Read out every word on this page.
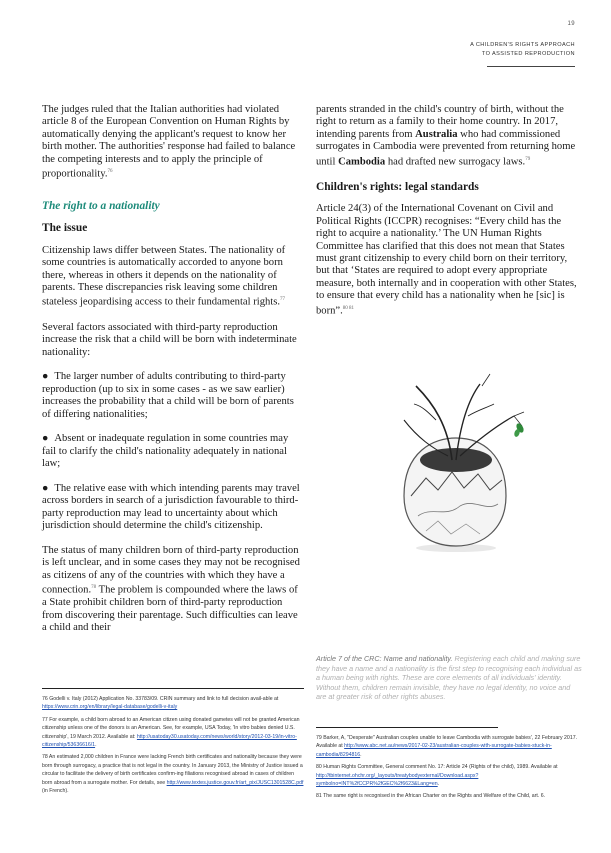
19
A CHILDREN'S RIGHTS APPROACH
TO ASSISTED REPRODUCTION

The judges ruled that the Italian authorities had violated article 8 of the European Convention on Human Rights by automatically denying the applicant's request to know her birth mother. The authorities' response had failed to balance the competing interests and to apply the principle of proportionality.$^{76}$

The right to a nationality
The issue

Citizenship laws differ between States. The nationality of some countries is automatically accorded to anyone born there, whereas in others it depends on the nationality of parents. These discrepancies risk leaving some children stateless jeopardising access to their fundamental rights.$^{77}$

Several factors associated with third-party reproduction increase the risk that a child will be born with indeterminate nationality:

● The larger number of adults contributing to third-party reproduction (up to six in some cases - as we saw earlier) increases the probability that a child will be born of parents of differing nationalities;

● Absent or inadequate regulation in some countries may fail to clarify the child's nationality adequately in national law;

● The relative ease with which intending parents may travel across borders in search of a jurisdiction favourable to third-party reproduction may lead to uncertainty about which jurisdiction should determine the child's citizenship.

The status of many children born of third-party reproduction is left unclear, and in some cases they may not be recognised as citizens of any of the countries with which they have a connection.$^{78}$ The problem is compounded where the laws of a State prohibit children born of third-party reproduction from discovering their parentage. Such difficulties can leave a child and their

parents stranded in the child's country of birth, without the right to return as a family to their home country. In 2017, intending parents from Australia who had commissioned surrogates in Cambodia were prevented from returning home until Cambodia had drafted new surrogacy laws.$^{79}$

Children's rights: legal standards

Article 24(3) of the International Covenant on Civil and Political Rights (ICCPR) recognises: “Every child has the right to acquire a nationality.’ The UN Human Rights Committee has clarified that this does not mean that States must grant citizenship to every child born on their territory, but that ‘States are required to adopt every appropriate measure, both internally and in cooperation with other States, to ensure that every child has a nationality when he [sic] is born”.$^{80 81}$

Article 7 of the CRC: Name and nationality. Registering each child and making sure they have a name and a nationality is the first step to recognising each individual as a human being with rights. These are core elements of all individuals' identity. Without them, children remain invisible, they have no legal identity, no voice and are at greater risk of other rights abuses.

76 Godelli v. Italy (2012) Application No. 33783/09. CRIN summary and link to full decision avail-able at https://www.crin.org/en/library/legal-database/godelli-v-italy

77 For example, a child born abroad to an American citizen using donated gametes will not be granted American citizenship unless one of the donors is an American. See, for example, USA Today, 'In vitro babies denied U.S. citizenship', 19 March 2012. Available at: http://usatoday30.usatoday.com/news/world/story/2012-03-19/in-vitro-citizenship/53636616/1.

78 An estimated 2,000 children in France were lacking French birth certificates and nationality because they were born through surrogacy, a practice that is not legal in the country. In January 2013, the Ministry of Justice issued a circular to facilitate the delivery of birth certificates confirm-ing filiations recognised abroad in cases of children born abroad from a surrogate mother. For details, see http://www.textes.justice.gouv.fr/art_pix/JUSC1301528C.pdf (in French).

79 Barker, A, "Desperate" Australian couples unable to leave Cambodia with surrogate babies', 22 February 2017. Available at http://www.abc.net.au/news/2017-02-23/australian-couples-with-surrogate-babies-stuck-in-cambodia/8294816.

80 Human Rights Committee, General comment No. 17: Article 24 (Rights of the child), 1989. Available at http://tbinternet.ohchr.org/_layouts/treatybodyexternal/Download.aspx?symbolno=INT%2fCCPR%2fGEC%2f6623&Lang=en.

81 The same right is recognised in the African Charter on the Rights and Welfare of the Child, art. 6.
